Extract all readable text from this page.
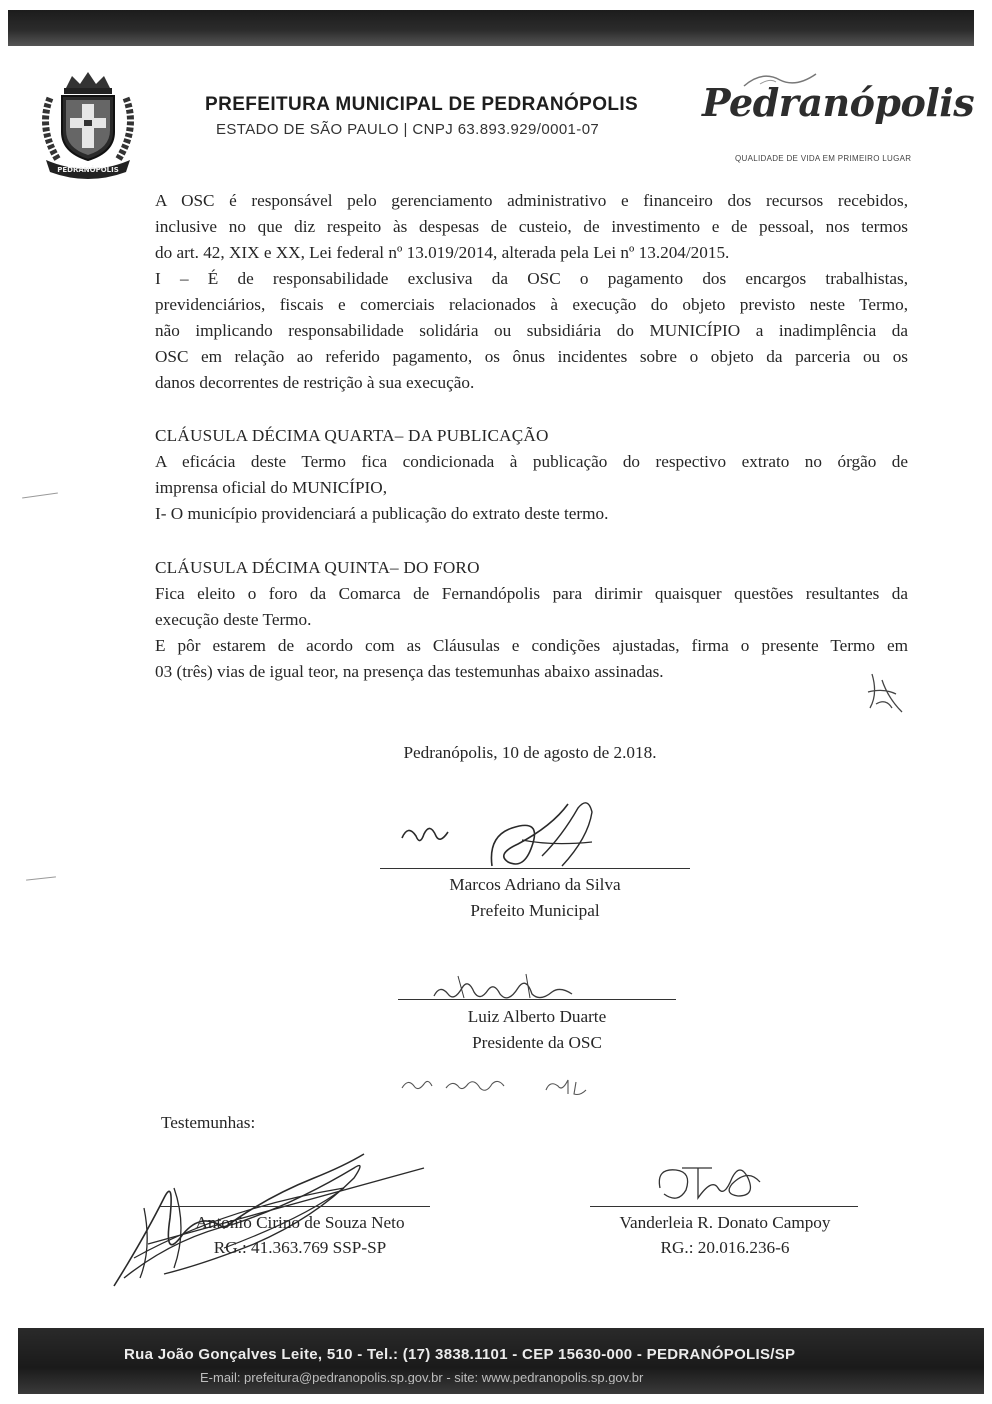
PEDRANÓPOLIS
PREFEITURA MUNICIPAL DE PEDRANÓPOLIS
ESTADO DE SÃO PAULO | CNPJ 63.893.929/0001-07
Pedranópolis
QUALIDADE DE VIDA EM PRIMEIRO LUGAR

A OSC é responsável pelo gerenciamento administrativo e financeiro dos recursos recebidos,

inclusive no que diz respeito às despesas de custeio, de investimento e de pessoal, nos termos

do art. 42, XIX e XX, Lei federal nº 13.019/2014, alterada pela Lei nº 13.204/2015.

I – É de responsabilidade exclusiva da OSC o pagamento dos encargos trabalhistas,

previdenciários, fiscais e comerciais relacionados à execução do objeto previsto neste Termo,

não implicando responsabilidade solidária ou subsidiária do MUNICÍPIO a inadimplência da

OSC em relação ao referido pagamento, os ônus incidentes sobre o objeto da parceria ou os

danos decorrentes de restrição à sua execução.

CLÁUSULA DÉCIMA QUARTA– DA PUBLICAÇÃO

A eficácia deste Termo fica condicionada à publicação do respectivo extrato no órgão de

imprensa oficial do MUNICÍPIO,

I- O município providenciará a publicação do extrato deste termo.

CLÁUSULA DÉCIMA QUINTA– DO FORO

Fica eleito o foro da Comarca de Fernandópolis para dirimir quaisquer questões resultantes da

execução deste Termo.

E pôr estarem de acordo com as Cláusulas e condições ajustadas, firma o presente Termo em

03 (três) vias de igual teor, na presença das testemunhas abaixo assinadas.

Pedranópolis, 10 de agosto de 2.018.
Marcos Adriano da Silva
Prefeito Municipal
Luiz Alberto Duarte
Presidente da OSC
Testemunhas:
Antonio Cirino de Souza Neto
RG.: 41.363.769 SSP-SP
Vanderleia R. Donato Campoy
RG.: 20.016.236-6
Rua João Gonçalves Leite, 510 - Tel.: (17) 3838.1101 - CEP 15630-000 - PEDRANÓPOLIS/SP
E-mail: prefeitura@pedranopolis.sp.gov.br - site: www.pedranopolis.sp.gov.br
